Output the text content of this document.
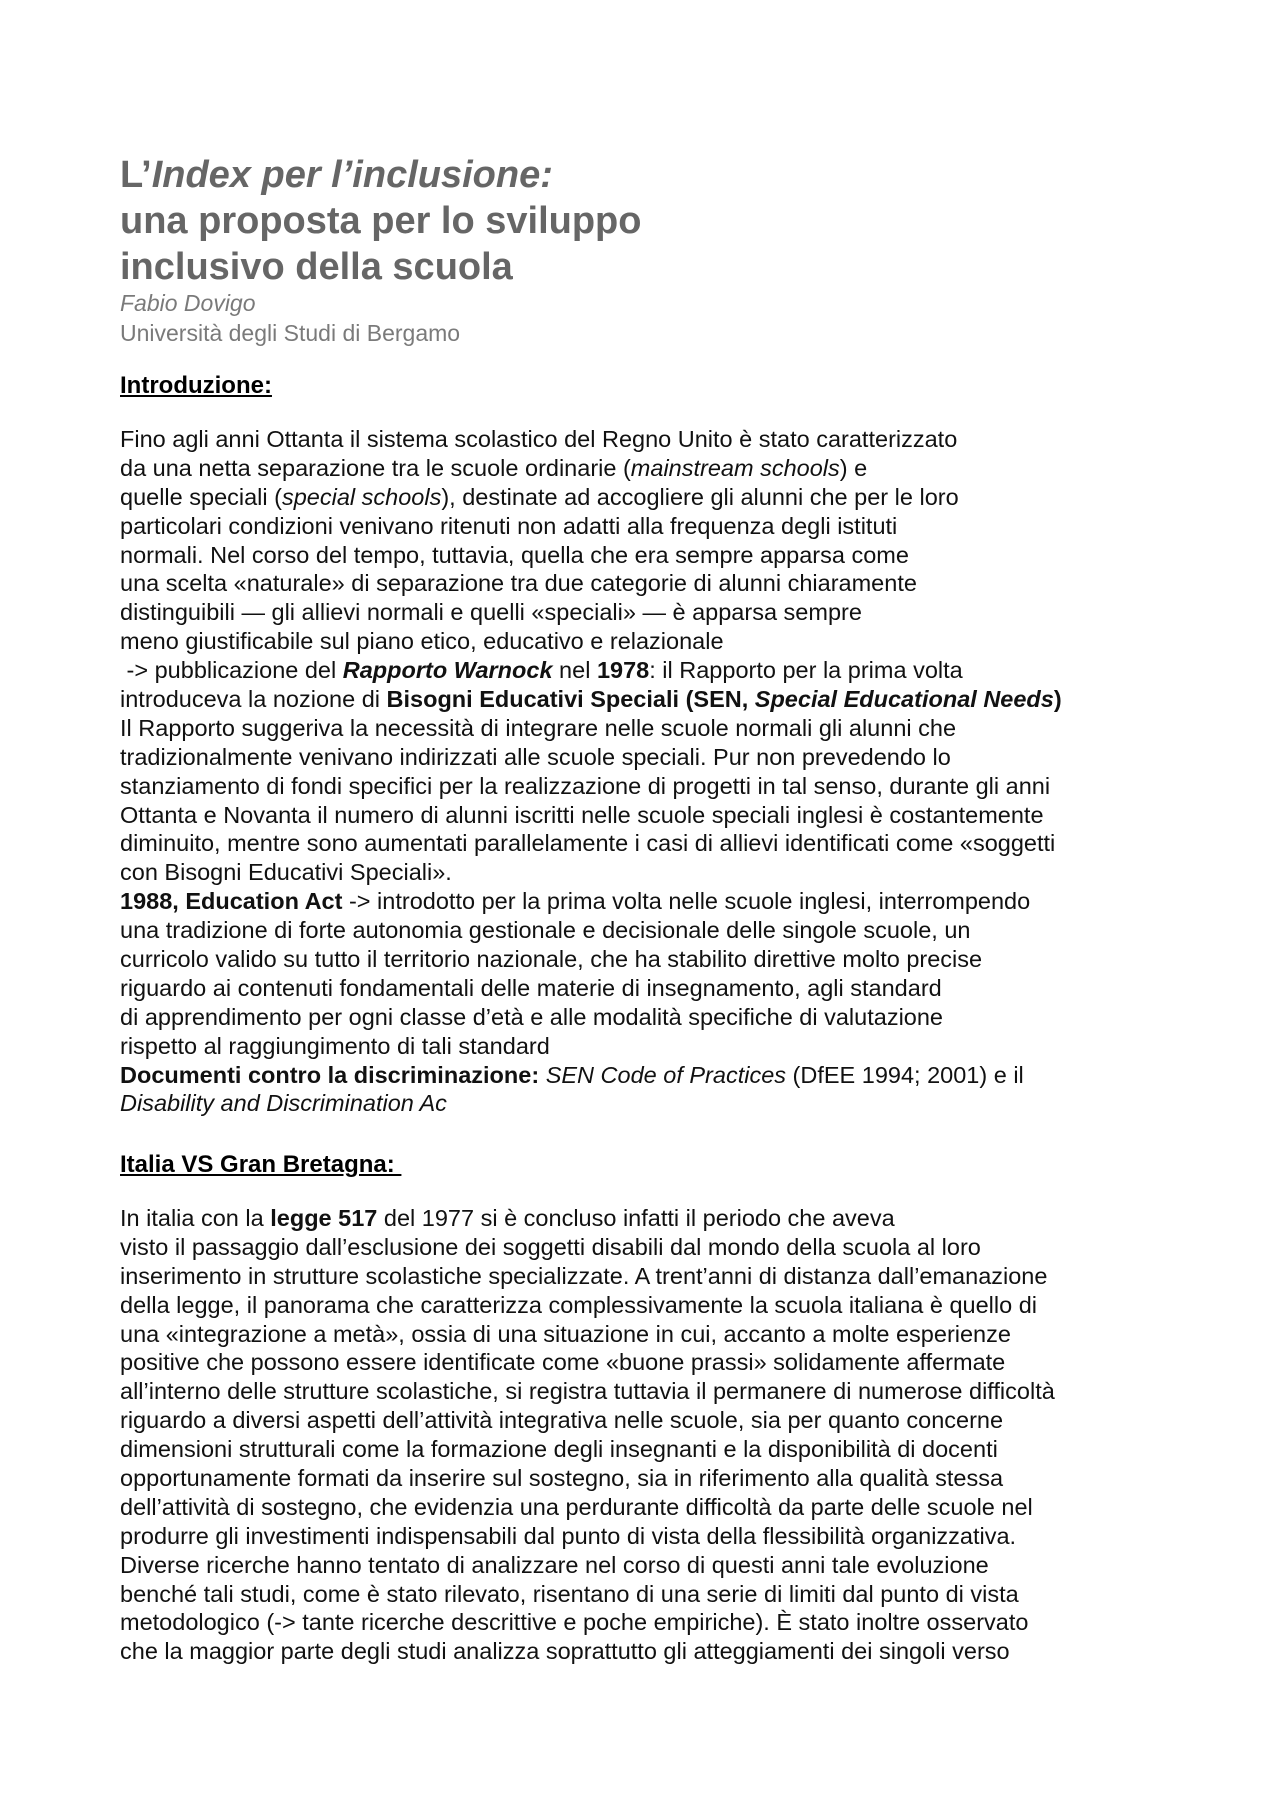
L’Index per l’inclusione:
una proposta per lo sviluppo
inclusivo della scuola
Fabio Dovigo
Università degli Studi di Bergamo
Introduzione:
Fino agli anni Ottanta il sistema scolastico del Regno Unito è stato caratterizzato
da una netta separazione tra le scuole ordinarie (mainstream schools) e
quelle speciali (special schools), destinate ad accogliere gli alunni che per le loro
particolari condizioni venivano ritenuti non adatti alla frequenza degli istituti
normali. Nel corso del tempo, tuttavia, quella che era sempre apparsa come
una scelta «naturale» di separazione tra due categorie di alunni chiaramente
distinguibili — gli allievi normali e quelli «speciali» — è apparsa sempre
meno giustificabile sul piano etico, educativo e relazionale
-> pubblicazione del Rapporto Warnock nel 1978: il Rapporto per la prima volta
introduceva la nozione di Bisogni Educativi Speciali (SEN, Special Educational Needs)
Il Rapporto suggeriva la necessità di integrare nelle scuole normali gli alunni che
tradizionalmente venivano indirizzati alle scuole speciali. Pur non prevedendo lo
stanziamento di fondi specifici per la realizzazione di progetti in tal senso, durante gli anni
Ottanta e Novanta il numero di alunni iscritti nelle scuole speciali inglesi è costantemente
diminuito, mentre sono aumentati parallelamente i casi di allievi identificati come «soggetti
con Bisogni Educativi Speciali».
1988, Education Act -> introdotto per la prima volta nelle scuole inglesi, interrompendo
una tradizione di forte autonomia gestionale e decisionale delle singole scuole, un
curricolo valido su tutto il territorio nazionale, che ha stabilito direttive molto precise
riguardo ai contenuti fondamentali delle materie di insegnamento, agli standard
di apprendimento per ogni classe d’età e alle modalità specifiche di valutazione
rispetto al raggiungimento di tali standard
Documenti contro la discriminazione: SEN Code of Practices (DfEE 1994; 2001) e il
Disability and Discrimination Ac
Italia VS Gran Bretagna:
In italia con la legge 517 del 1977 si è concluso infatti il periodo che aveva
visto il passaggio dall’esclusione dei soggetti disabili dal mondo della scuola al loro
inserimento in strutture scolastiche specializzate. A trent’anni di distanza dall’emanazione
della legge, il panorama che caratterizza complessivamente la scuola italiana è quello di
una «integrazione a metà», ossia di una situazione in cui, accanto a molte esperienze
positive che possono essere identificate come «buone prassi» solidamente affermate
all’interno delle strutture scolastiche, si registra tuttavia il permanere di numerose difficoltà
riguardo a diversi aspetti dell’attività integrativa nelle scuole, sia per quanto concerne
dimensioni strutturali come la formazione degli insegnanti e la disponibilità di docenti
opportunamente formati da inserire sul sostegno, sia in riferimento alla qualità stessa
dell’attività di sostegno, che evidenzia una perdurante difficoltà da parte delle scuole nel
produrre gli investimenti indispensabili dal punto di vista della flessibilità organizzativa.
Diverse ricerche hanno tentato di analizzare nel corso di questi anni tale evoluzione
benché tali studi, come è stato rilevato, risentano di una serie di limiti dal punto di vista
metodologico (-> tante ricerche descrittive e poche empiriche). È stato inoltre osservato
che la maggior parte degli studi analizza soprattutto gli atteggiamenti dei singoli verso
